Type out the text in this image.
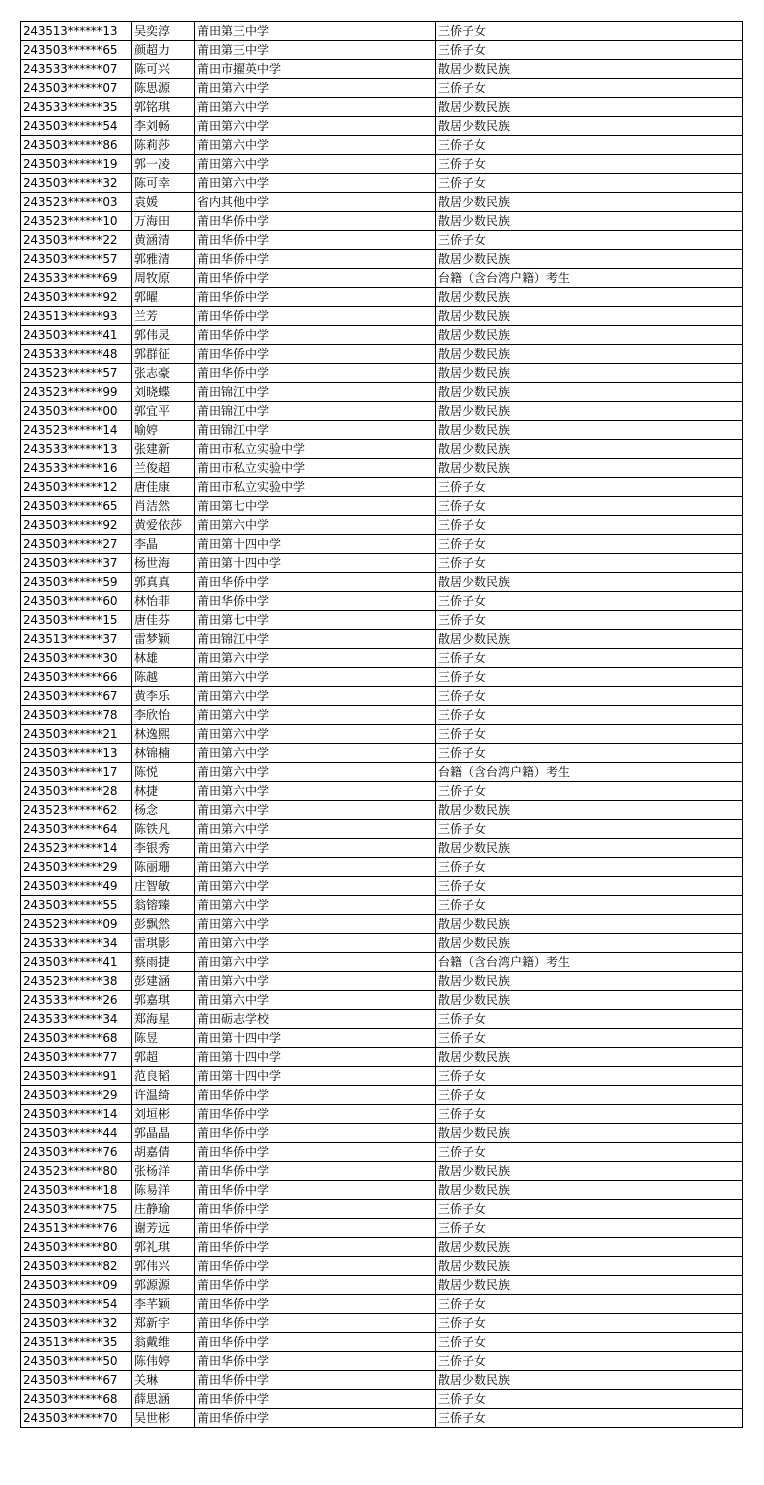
243513******13	吴奕淳	莆田第三中学	三侨子女
243503******65	颜超力	莆田第三中学	三侨子女
243533******07	陈可兴	莆田市擢英中学	散居少数民族
243503******07	陈思源	莆田第六中学	三侨子女
243533******35	郭铭琪	莆田第六中学	散居少数民族
243503******54	李刘畅	莆田第六中学	散居少数民族
243503******86	陈莉莎	莆田第六中学	三侨子女
243503******19	郭一凌	莆田第六中学	三侨子女
243503******32	陈可幸	莆田第六中学	三侨子女
243523******03	袁媛	省内其他中学	散居少数民族
243523******10	万海田	莆田华侨中学	散居少数民族
243503******22	黄涵清	莆田华侨中学	三侨子女
243503******57	郭雅清	莆田华侨中学	散居少数民族
243533******69	周牧原	莆田华侨中学	台籍（含台湾户籍）考生
243503******92	郭曜	莆田华侨中学	散居少数民族
243513******93	兰芳	莆田华侨中学	散居少数民族
243503******41	郭伟灵	莆田华侨中学	散居少数民族
243533******48	郭群征	莆田华侨中学	散居少数民族
243523******57	张志豪	莆田华侨中学	散居少数民族
243523******99	刘晓蝶	莆田锦江中学	散居少数民族
243503******00	郭宜平	莆田锦江中学	散居少数民族
243523******14	喻婷	莆田锦江中学	散居少数民族
243533******13	张建新	莆田市私立实验中学	散居少数民族
243533******16	兰俊超	莆田市私立实验中学	散居少数民族
243503******12	唐佳康	莆田市私立实验中学	三侨子女
243503******65	肖洁然	莆田第七中学	三侨子女
243503******92	黄爱依莎	莆田第六中学	三侨子女
243503******27	李晶	莆田第十四中学	三侨子女
243503******37	杨世海	莆田第十四中学	三侨子女
243503******59	郭真真	莆田华侨中学	散居少数民族
243503******60	林怡菲	莆田华侨中学	三侨子女
243503******15	唐佳芬	莆田第七中学	三侨子女
243513******37	雷梦颖	莆田锦江中学	散居少数民族
243503******30	林雄	莆田第六中学	三侨子女
243503******66	陈越	莆田第六中学	三侨子女
243503******67	黄李乐	莆田第六中学	三侨子女
243503******78	李欣怡	莆田第六中学	三侨子女
243503******21	林逸熙	莆田第六中学	三侨子女
243503******13	林锦楠	莆田第六中学	三侨子女
243503******17	陈悦	莆田第六中学	台籍（含台湾户籍）考生
243503******28	林捷	莆田第六中学	三侨子女
243523******62	杨念	莆田第六中学	散居少数民族
243503******64	陈铁凡	莆田第六中学	三侨子女
243523******14	李银秀	莆田第六中学	散居少数民族
243503******29	陈丽珊	莆田第六中学	三侨子女
243503******49	庄智敏	莆田第六中学	三侨子女
243503******55	翁镕臻	莆田第六中学	三侨子女
243523******09	彭飘然	莆田第六中学	散居少数民族
243533******34	雷琪影	莆田第六中学	散居少数民族
243503******41	蔡雨捷	莆田第六中学	台籍（含台湾户籍）考生
243523******38	彭建涵	莆田第六中学	散居少数民族
243533******26	郭嘉琪	莆田第六中学	散居少数民族
243533******34	郑海星	莆田砺志学校	三侨子女
243503******68	陈昱	莆田第十四中学	三侨子女
243503******77	郭超	莆田第十四中学	散居少数民族
243503******91	范良韬	莆田第十四中学	三侨子女
243503******29	许温绮	莆田华侨中学	三侨子女
243503******14	刘垣彬	莆田华侨中学	三侨子女
243503******44	郭晶晶	莆田华侨中学	散居少数民族
243503******76	胡嘉倩	莆田华侨中学	三侨子女
243523******80	张杨洋	莆田华侨中学	散居少数民族
243503******18	陈易洋	莆田华侨中学	散居少数民族
243503******75	庄静瑜	莆田华侨中学	三侨子女
243513******76	谢芳远	莆田华侨中学	三侨子女
243503******80	郭礼琪	莆田华侨中学	散居少数民族
243503******82	郭伟兴	莆田华侨中学	散居少数民族
243503******09	郭源源	莆田华侨中学	散居少数民族
243503******54	李芊颖	莆田华侨中学	三侨子女
243503******32	郑新宇	莆田华侨中学	三侨子女
243513******35	翁戴维	莆田华侨中学	三侨子女
243503******50	陈伟婷	莆田华侨中学	三侨子女
243503******67	关琳	莆田华侨中学	散居少数民族
243503******68	薛思涵	莆田华侨中学	三侨子女
243503******70	吴世彬	莆田华侨中学	三侨子女
